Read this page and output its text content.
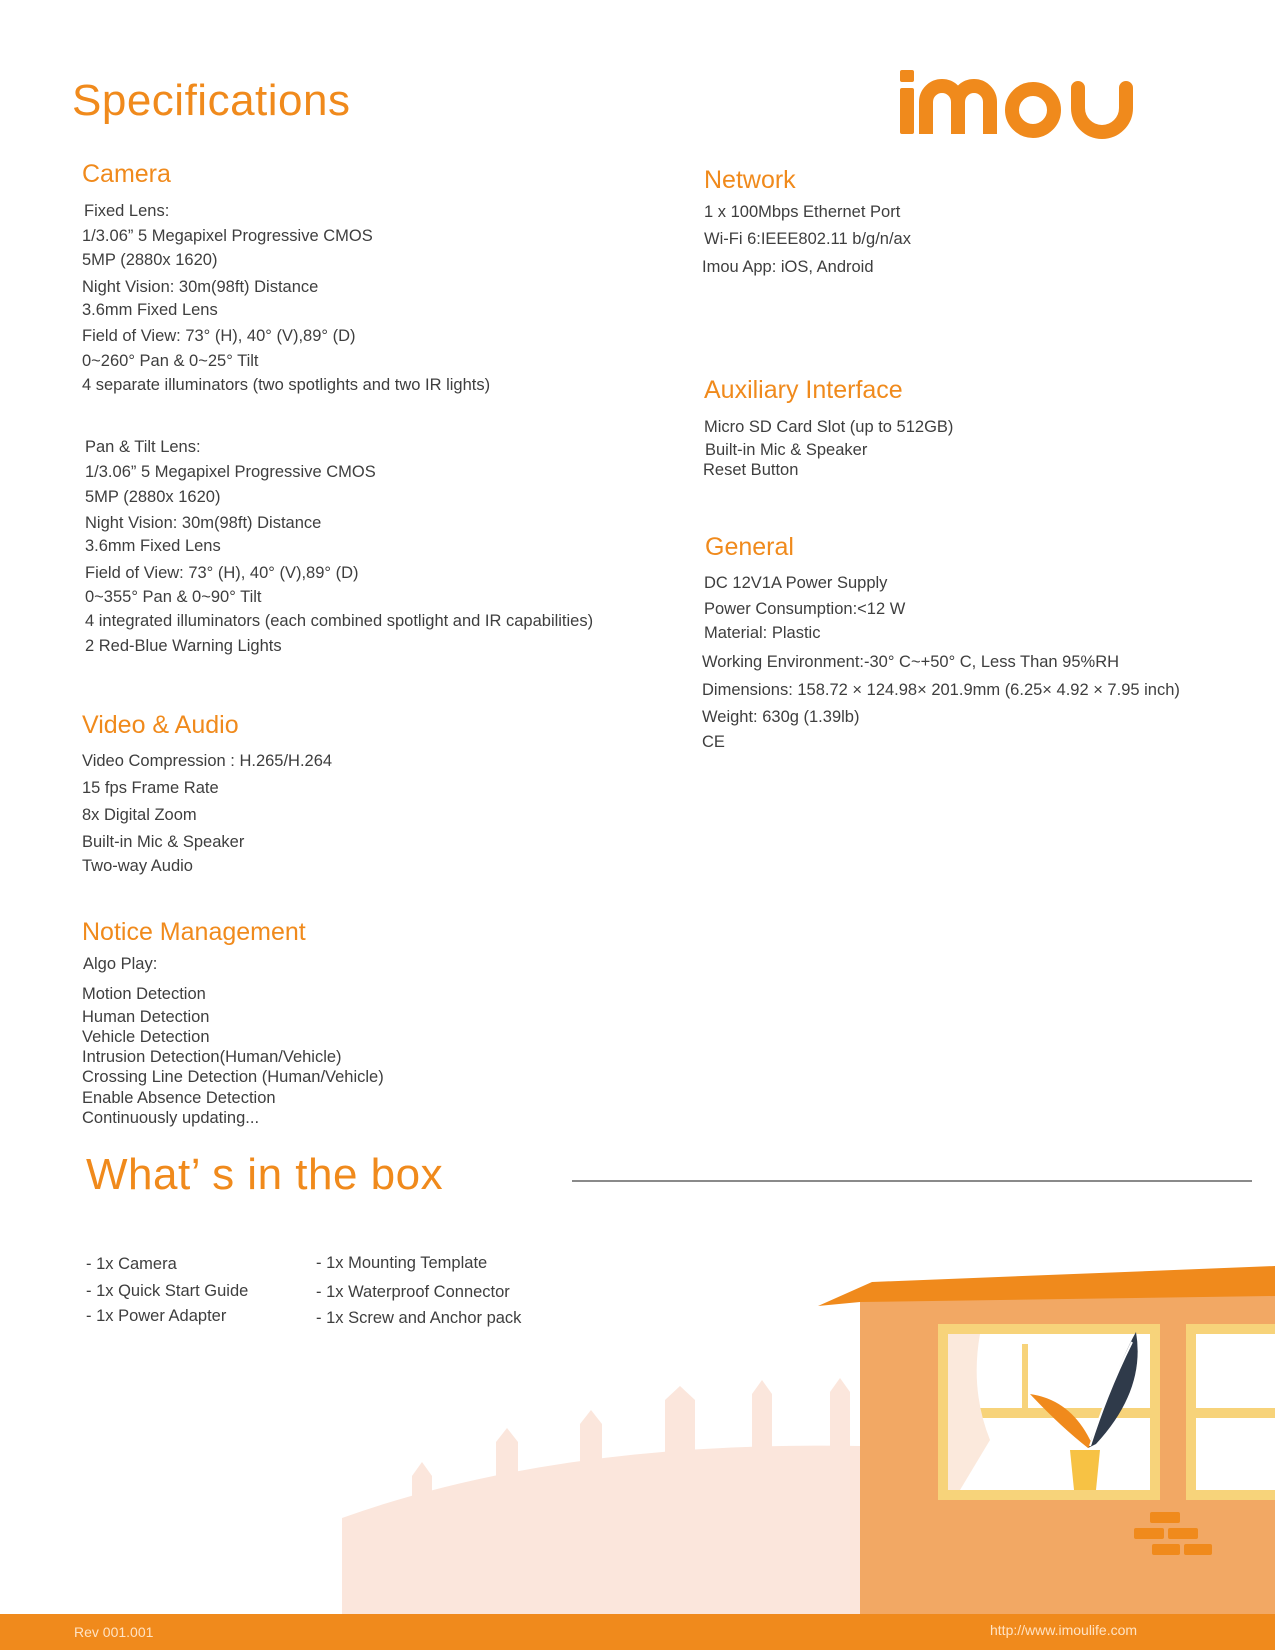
Specifications
Camera
Fixed Lens:
1/3.06” 5 Megapixel Progressive CMOS
5MP (2880x 1620)
Night Vision: 30m(98ft) Distance
3.6mm Fixed Lens
Field of View: 73° (H), 40° (V),89° (D)
0~260° Pan & 0~25° Tilt
4 separate illuminators (two spotlights and two IR lights)
Pan & Tilt Lens:
1/3.06” 5 Megapixel Progressive CMOS
5MP (2880x 1620)
Night Vision: 30m(98ft) Distance
3.6mm Fixed Lens
Field of View: 73° (H), 40° (V),89° (D)
0~355° Pan & 0~90° Tilt
4 integrated illuminators (each combined spotlight and IR capabilities)
2 Red-Blue Warning Lights
Video & Audio
Video Compression : H.265/H.264
15 fps Frame Rate
8x Digital Zoom
Built-in Mic & Speaker
Two-way Audio
Notice Management
Algo Play:
Motion Detection
Human Detection
Vehicle Detection
Intrusion Detection(Human/Vehicle)
Crossing Line Detection (Human/Vehicle)
Enable Absence Detection
Continuously updating...
Network
1 x 100Mbps Ethernet Port
Wi-Fi 6:IEEE802.11 b/g/n/ax
Imou App: iOS, Android
Auxiliary Interface
Micro SD Card Slot (up to 512GB)
Built-in Mic & Speaker
Reset Button
General
DC 12V1A Power Supply
Power Consumption:<12 W
Material: Plastic
Working Environment:-30° C~+50° C, Less Than 95%RH
Dimensions: 158.72 × 124.98× 201.9mm (6.25× 4.92 × 7.95 inch)
Weight: 630g (1.39lb)
CE
What’ s in the box
- 1x Camera
- 1x Quick Start Guide
- 1x Power Adapter
- 1x Mounting Template
- 1x Waterproof Connector
- 1x Screw and Anchor pack
Rev 001.001	http://www.imoulife.com
